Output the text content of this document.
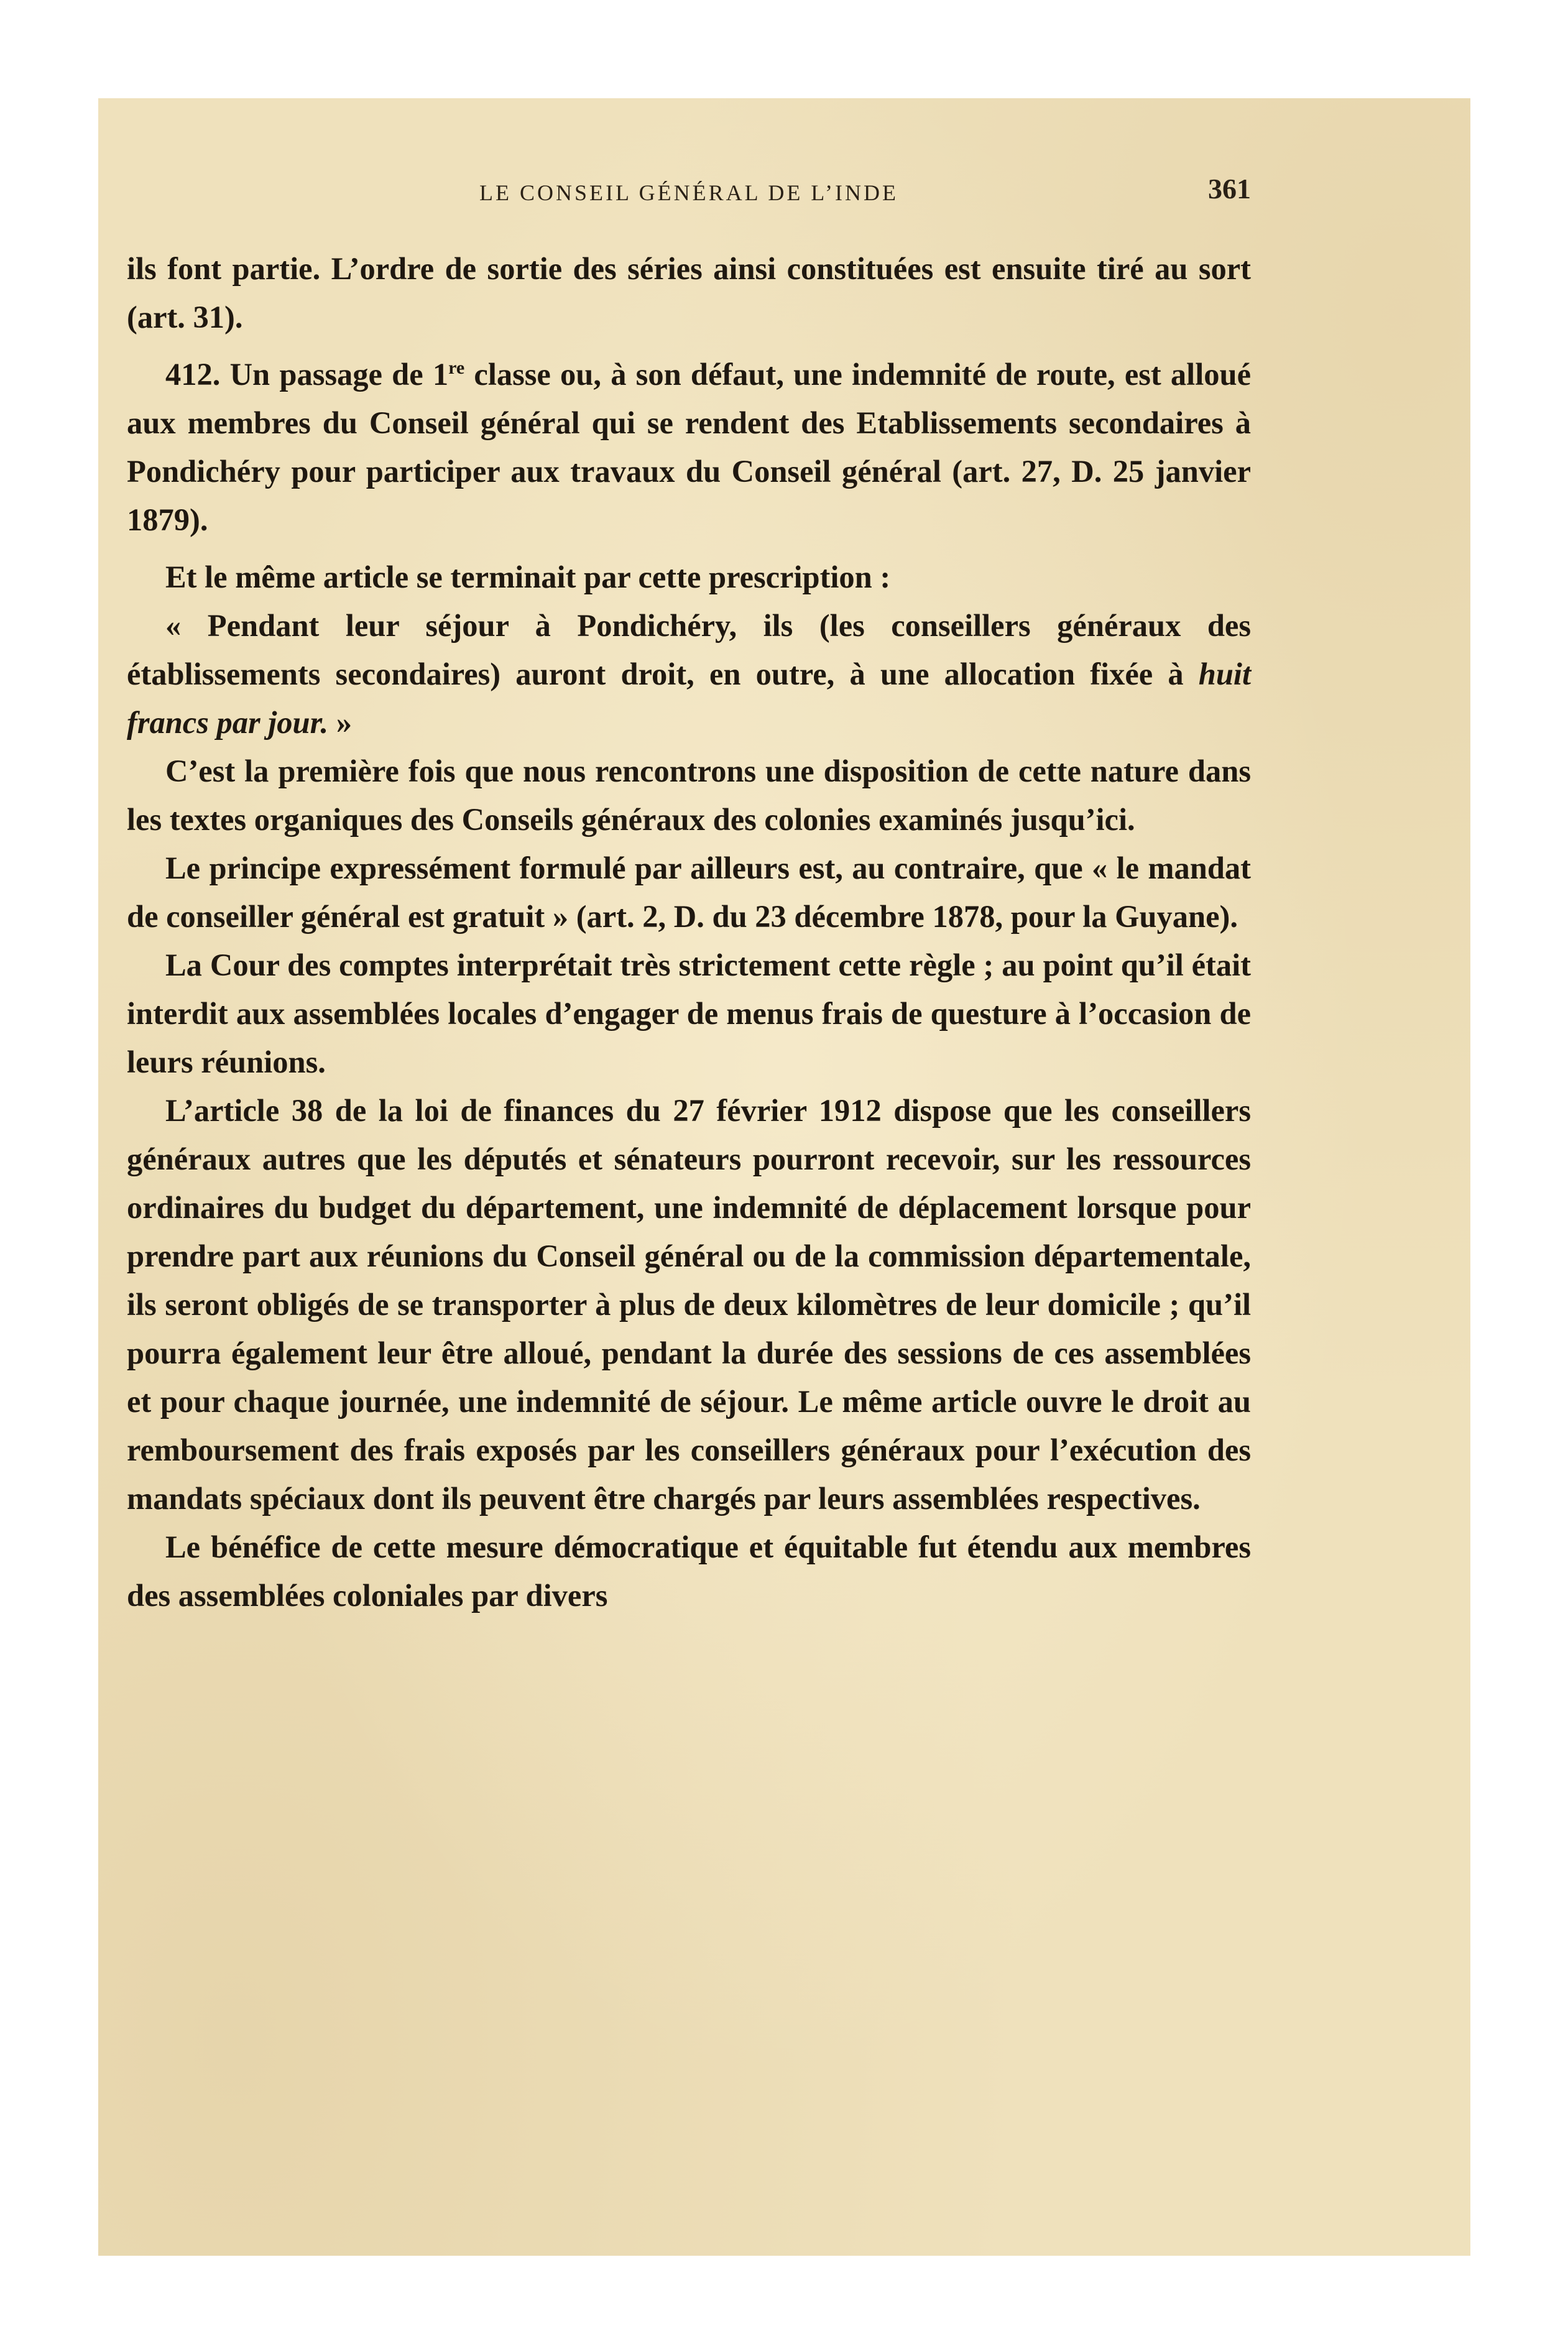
LE CONSEIL GÉNÉRAL DE L’INDE	361

ils font partie. L’ordre de sortie des séries ainsi constituées est ensuite tiré au sort (art. 31).

412. Un passage de 1re classe ou, à son défaut, une indemnité de route, est alloué aux membres du Conseil général qui se rendent des Etablissements secondaires à Pondichéry pour participer aux travaux du Conseil général (art. 27, D. 25 janvier 1879).

Et le même article se terminait par cette prescription :

« Pendant leur séjour à Pondichéry, ils (les conseillers généraux des établissements secondaires) auront droit, en outre, à une allocation fixée à huit francs par jour. »

C’est la première fois que nous rencontrons une disposition de cette nature dans les textes organiques des Conseils généraux des colonies examinés jusqu’ici.

Le principe expressément formulé par ailleurs est, au contraire, que « le mandat de conseiller général est gratuit » (art. 2, D. du 23 décembre 1878, pour la Guyane).

La Cour des comptes interprétait très strictement cette règle ; au point qu’il était interdit aux assemblées locales d’engager de menus frais de questure à l’occasion de leurs réunions.

L’article 38 de la loi de finances du 27 février 1912 dispose que les conseillers généraux autres que les députés et sénateurs pourront recevoir, sur les ressources ordinaires du budget du département, une indemnité de déplacement lorsque pour prendre part aux réunions du Conseil général ou de la commission départementale, ils seront obligés de se transporter à plus de deux kilomètres de leur domicile ; qu’il pourra également leur être alloué, pendant la durée des sessions de ces assemblées et pour chaque journée, une indemnité de séjour. Le même article ouvre le droit au remboursement des frais exposés par les conseillers généraux pour l’exécution des mandats spéciaux dont ils peuvent être chargés par leurs assemblées respectives.

Le bénéfice de cette mesure démocratique et équitable fut étendu aux membres des assemblées coloniales par divers
